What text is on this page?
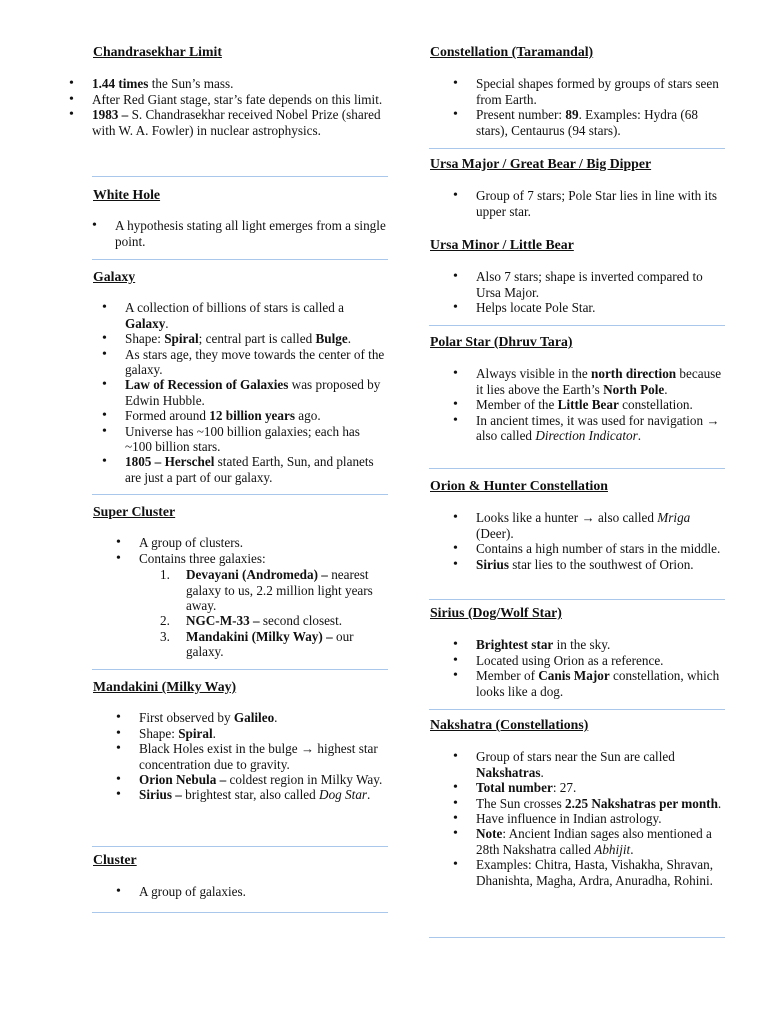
Chandrasekhar Limit
• 1.44 times the Sun’s mass.
• After Red Giant stage, star’s fate depends on this limit.
• 1983 – S. Chandrasekhar received Nobel Prize (shared with W. A. Fowler) in nuclear astrophysics.
White Hole
• A hypothesis stating all light emerges from a single point.
Galaxy
• A collection of billions of stars is called a Galaxy.
• Shape: Spiral; central part is called Bulge.
• As stars age, they move towards the center of the galaxy.
• Law of Recession of Galaxies was proposed by Edwin Hubble.
• Formed around 12 billion years ago.
• Universe has ~100 billion galaxies; each has ~100 billion stars.
• 1805 – Herschel stated Earth, Sun, and planets are just a part of our galaxy.
Super Cluster
• A group of clusters.
• Contains three galaxies:
1. Devayani (Andromeda) – nearest galaxy to us, 2.2 million light years away.
2. NGC-M-33 – second closest.
3. Mandakini (Milky Way) – our galaxy.
Mandakini (Milky Way)
• First observed by Galileo.
• Shape: Spiral.
• Black Holes exist in the bulge → highest star concentration due to gravity.
• Orion Nebula – coldest region in Milky Way.
• Sirius – brightest star, also called Dog Star.
Cluster
• A group of galaxies.
Constellation (Taramandal)
• Special shapes formed by groups of stars seen from Earth.
• Present number: 89. Examples: Hydra (68 stars), Centaurus (94 stars).
Ursa Major / Great Bear / Big Dipper
• Group of 7 stars; Pole Star lies in line with its upper star.
Ursa Minor / Little Bear
• Also 7 stars; shape is inverted compared to Ursa Major.
• Helps locate Pole Star.
Polar Star (Dhruv Tara)
• Always visible in the north direction because it lies above the Earth’s North Pole.
• Member of the Little Bear constellation.
• In ancient times, it was used for navigation → also called Direction Indicator.
Orion & Hunter Constellation
• Looks like a hunter → also called Mriga (Deer).
• Contains a high number of stars in the middle.
• Sirius star lies to the southwest of Orion.
Sirius (Dog/Wolf Star)
• Brightest star in the sky.
• Located using Orion as a reference.
• Member of Canis Major constellation, which looks like a dog.
Nakshatra (Constellations)
• Group of stars near the Sun are called Nakshatras.
• Total number: 27.
• The Sun crosses 2.25 Nakshatras per month.
• Have influence in Indian astrology.
• Note: Ancient Indian sages also mentioned a 28th Nakshatra called Abhijit.
• Examples: Chitra, Hasta, Vishakha, Shravan, Dhanishta, Magha, Ardra, Anuradha, Rohini.
